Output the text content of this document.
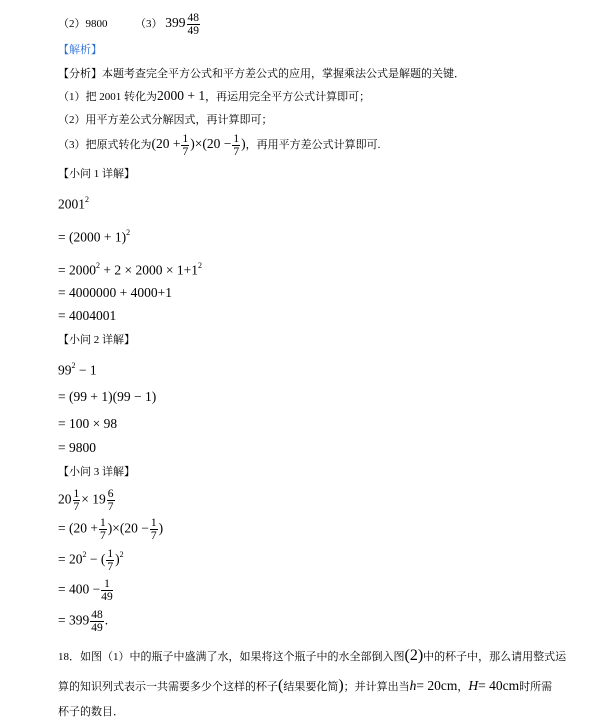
（2）9800	（3） $399 \frac{48}{49}$
【解析】
【分析】本题考查完全平方公式和平方差公式的应用，掌握乘法公式是解题的关键．
（1）把 2001 转化为2000 + 1，再运用完全平方公式计算即可；
（2）用平方差公式分解因式，再计算即可；
（3）把原式转化为$(20 + \frac{1}{7} )\times(20 - \frac{1}{7}$ )，再用平方差公式计算即可.
【小问 1 详解】
$2001^2$
= $(2000 + 1)^2$
= $2000^2 + 2 \times 2000 \times 1+1^2$
= 4000000 + 4000+1
= 4004001
【小问 2 详解】
$99^2 - 1$
= (99 + 1)(99 − 1)
= 100 × 98
= 9800
【小问 3 详解】
$20 \frac{1}{7} \times 19 \frac{6}{7}$
= $(20 + \frac{1}{7} )\times(20 - \frac{1}{7}$ )
= $20^2$ − ( $\frac{1}{7} )^2$
= $400 - \frac{1}{49}$
= $399 \frac{48}{49}$ .
18．如图（1）中的瓶子中盛满了水，如果将这个瓶子中的水全部倒入图(2)中的杯子中，那么请用整式运
算的知识列式表示一共需要多少个这样的杯子(结果要化简)；并计算出当h= 20cm，H= 40cm时所需
杯子的数目．
